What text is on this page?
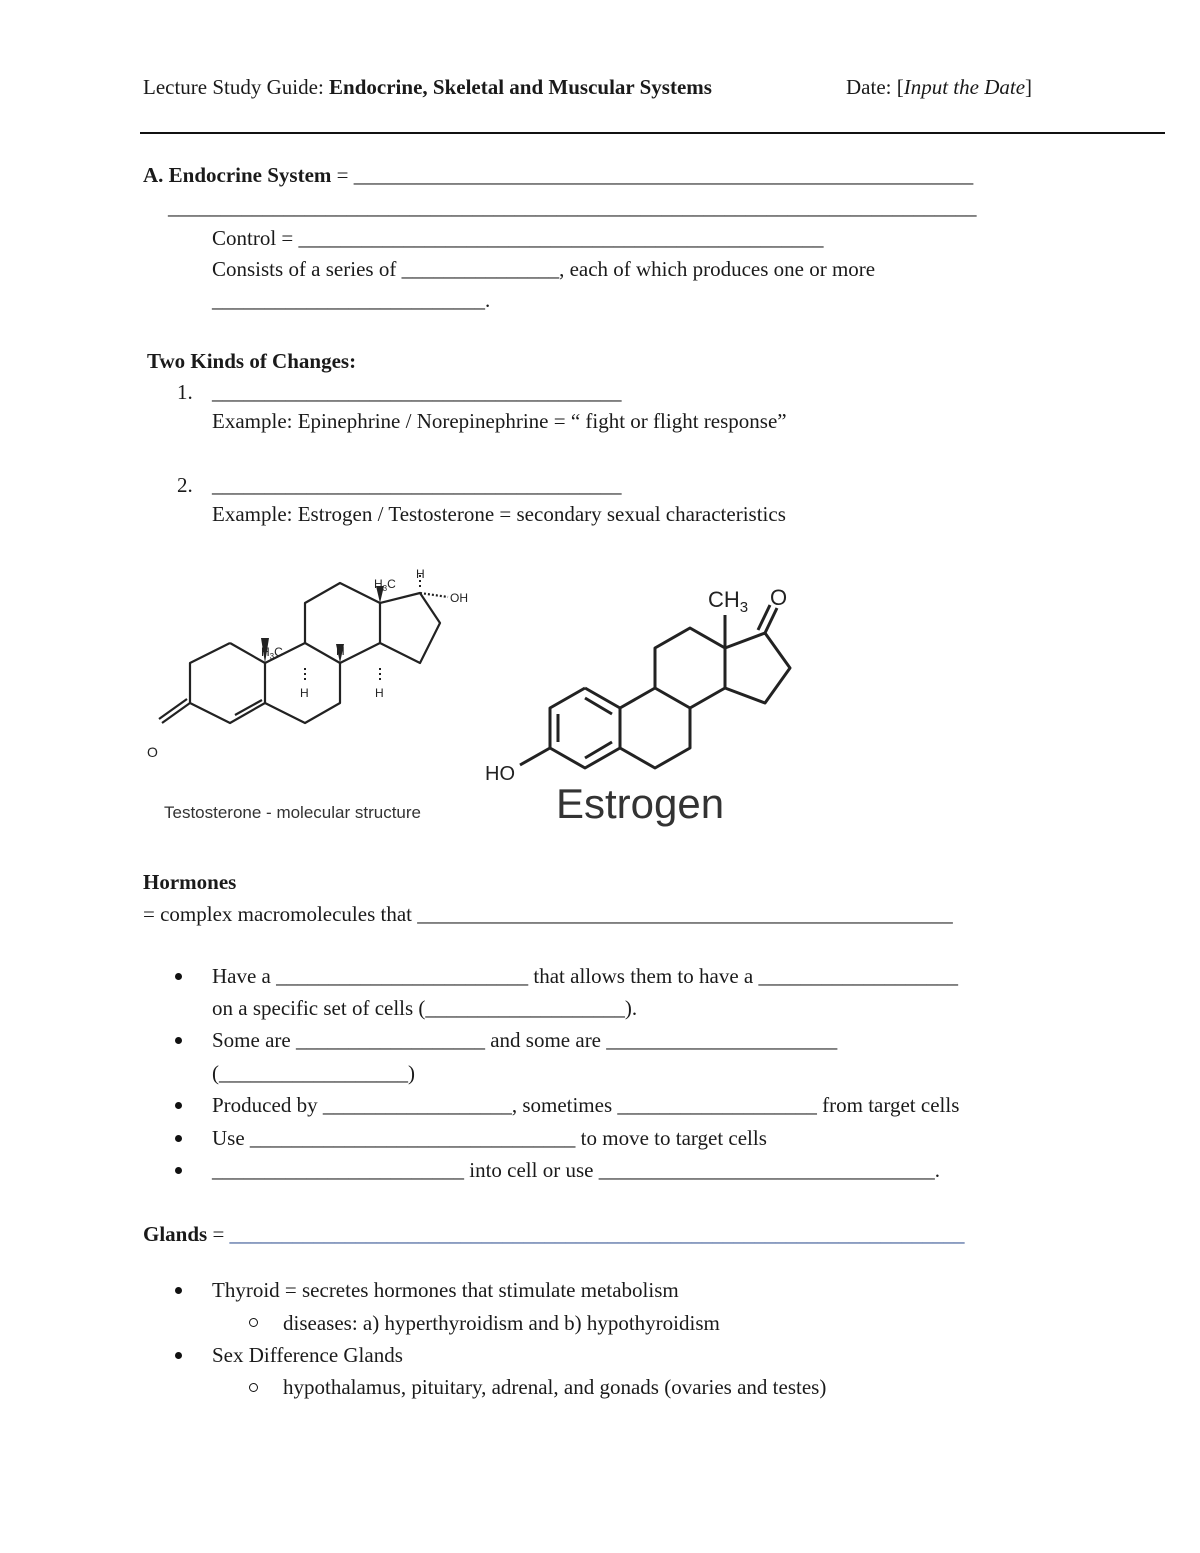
Lecture Study Guide: Endocrine, Skeletal and Muscular Systems	Date: [Input the Date]
A. Endocrine System = ___________________________________________________________
_____________________________________________________________________________
Control = __________________________________________________
Consists of a series of _______________, each of which produces one or more
__________________________.
Two Kinds of Changes:
1. _______________________________________
Example: Epinephrine / Norepinephrine = “ fight or flight response”
2. _______________________________________
Example: Estrogen / Testosterone = secondary sexual characteristics
$H_3C$
$H_3C$
H
OH
H
H	H
O
Testosterone - molecular structure
$CH_3$ O
HO
Estrogen
Hormones
= complex macromolecules that ___________________________________________________
Have a ________________________ that allows them to have a ___________________
on a specific set of cells (___________________).
Some are __________________ and some are ______________________
(__________________)
Produced by __________________, sometimes ___________________ from target cells
Use _______________________________ to move to target cells
________________________ into cell or use ________________________________.
Glands = ______________________________________________________________________
Thyroid = secretes hormones that stimulate metabolism
diseases: a) hyperthyroidism and b) hypothyroidism
Sex Difference Glands
hypothalamus, pituitary, adrenal, and gonads (ovaries and testes)
